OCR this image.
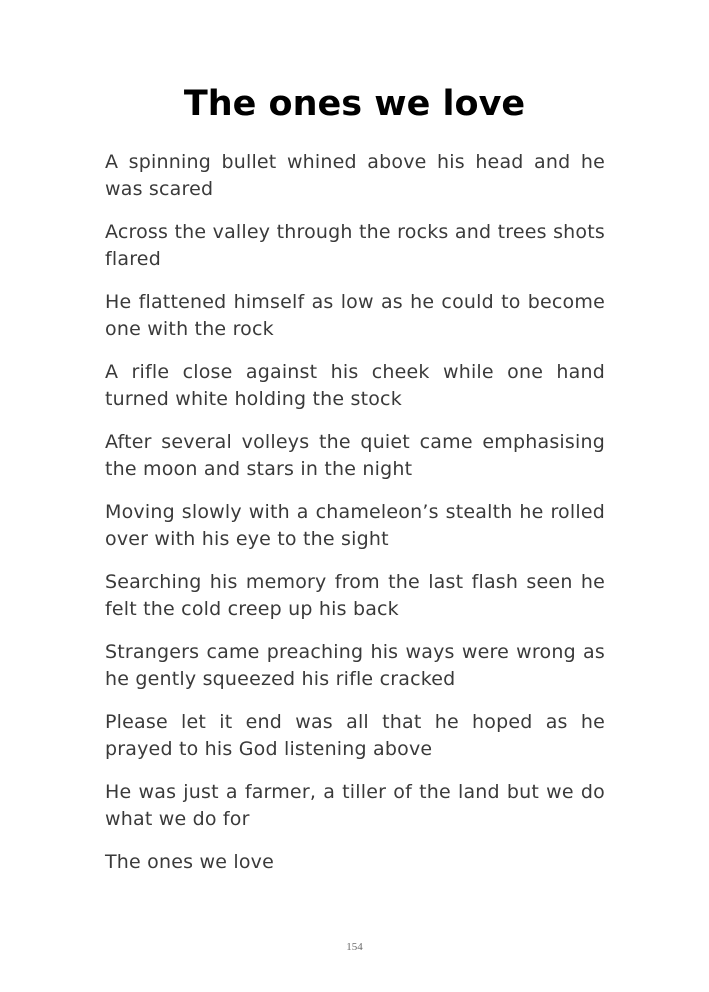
The ones we love

A spinning bullet whined above his head and he was scared

Across the valley through the rocks and trees shots flared

He flattened himself as low as he could to become one with the rock

A rifle close against his cheek while one hand turned white holding the stock

After several volleys the quiet came emphasising the moon and stars in the night

Moving slowly with a chameleon’s stealth he rolled over with his eye to the sight

Searching his memory from the last flash seen he felt the cold creep up his back

Strangers came preaching his ways were wrong as he gently squeezed his rifle cracked

Please let it end was all that he hoped as he prayed to his God listening above

He was just a farmer, a tiller of the land but we do what we do for

The ones we love

154
